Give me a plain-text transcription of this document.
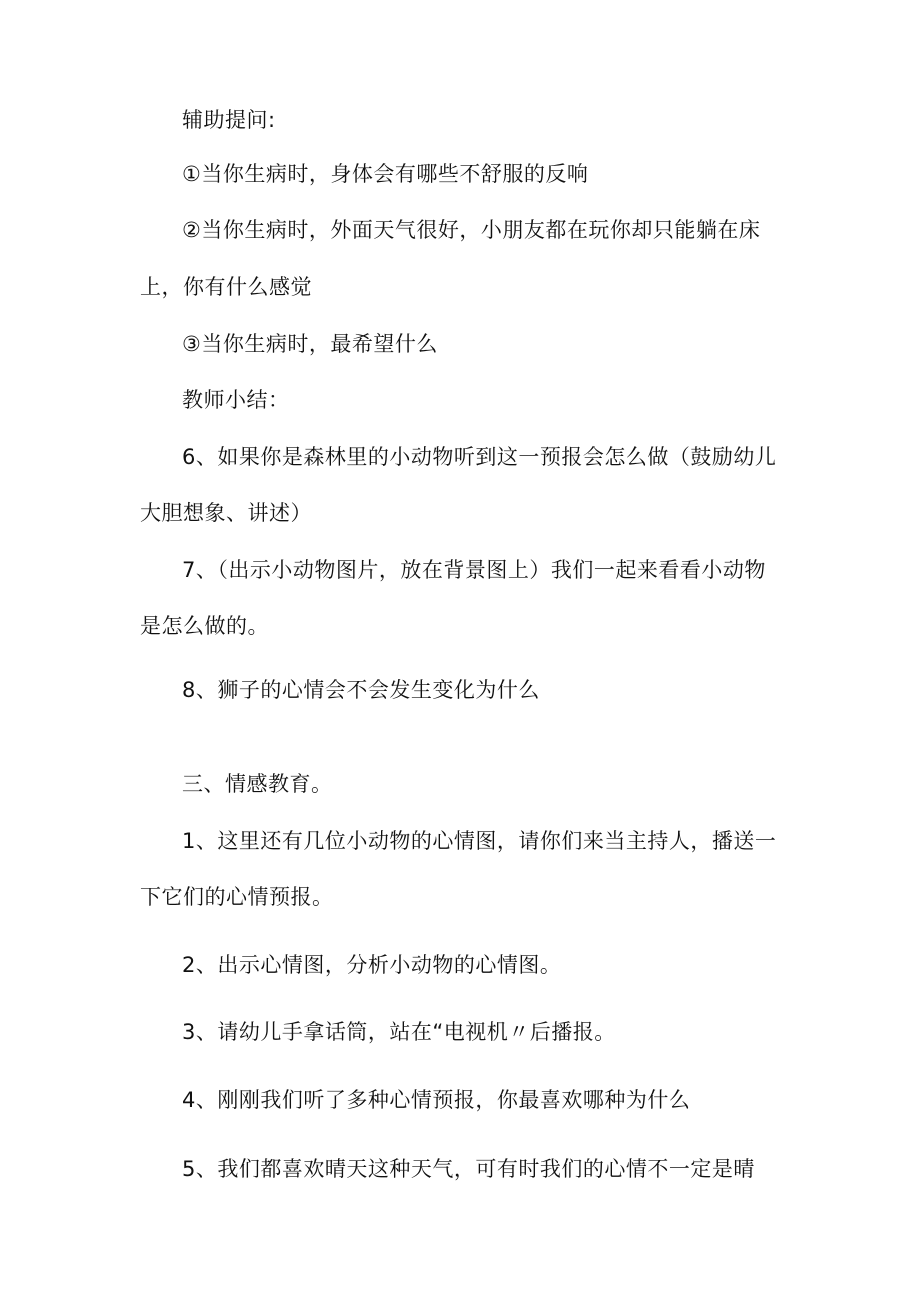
辅助提问:
①当你生病时，身体会有哪些不舒服的反响
②当你生病时，外面天气很好，小朋友都在玩你却只能躺在床
上，你有什么感觉
③当你生病时，最希望什么
教师小结：
6、如果你是森林里的小动物听到这一预报会怎么做（鼓励幼儿
大胆想象、讲述）
7、（出示小动物图片，放在背景图上）我们一起来看看小动物
是怎么做的。
8、狮子的心情会不会发生变化为什么
三、情感教育。
1、这里还有几位小动物的心情图，请你们来当主持人，播送一
下它们的心情预报。
2、出示心情图，分析小动物的心情图。
3、请幼儿手拿话筒，站在“电视机〃后播报。
4、刚刚我们听了多种心情预报，你最喜欢哪种为什么
5、我们都喜欢晴天这种天气，可有时我们的心情不一定是晴
